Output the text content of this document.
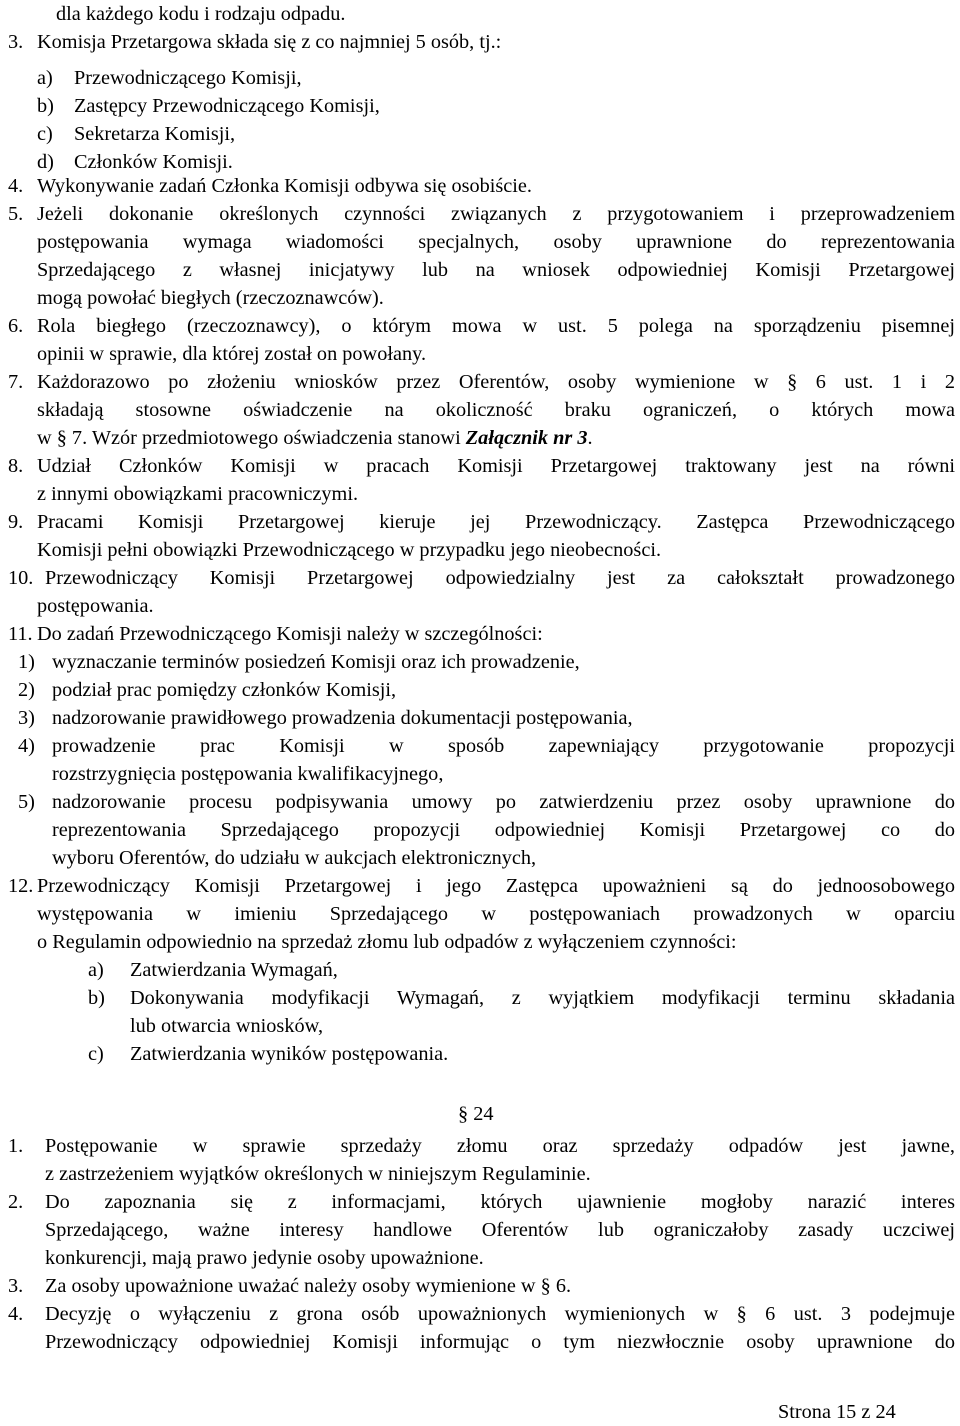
dla każdego kodu i rodzaju odpadu.
3. Komisja Przetargowa składa się z co najmniej 5 osób, tj.:
a) Przewodniczącego Komisji,
b) Zastępcy Przewodniczącego Komisji,
c) Sekretarza Komisji,
d) Członków Komisji.
4. Wykonywanie zadań Członka Komisji odbywa się osobiście.
5. Jeżeli dokonanie określonych czynności związanych z przygotowaniem i przeprowadzeniem
postępowania wymaga wiadomości specjalnych, osoby uprawnione do reprezentowania
Sprzedającego z własnej inicjatywy lub na wniosek odpowiedniej Komisji Przetargowej
mogą powołać biegłych (rzeczoznawców).
6. Rola biegłego (rzeczoznawcy), o którym mowa w ust. 5 polega na sporządzeniu pisemnej
opinii w sprawie, dla której został on powołany.
7. Każdorazowo po złożeniu wniosków przez Oferentów, osoby wymienione w § 6 ust. 1 i 2
składają stosowne oświadczenie na okoliczność braku ograniczeń, o których mowa
w § 7. Wzór przedmiotowego oświadczenia stanowi Załącznik nr 3.
8. Udział Członków Komisji w pracach Komisji Przetargowej traktowany jest na równi
z innymi obowiązkami pracowniczymi.
9. Pracami Komisji Przetargowej kieruje jej Przewodniczący. Zastępca Przewodniczącego
Komisji pełni obowiązki Przewodniczącego w przypadku jego nieobecności.
10. Przewodniczący Komisji Przetargowej odpowiedzialny jest za całokształt prowadzonego
postępowania.
11. Do zadań Przewodniczącego Komisji należy w szczególności:
1) wyznaczanie terminów posiedzeń Komisji oraz ich prowadzenie,
2) podział prac pomiędzy członków Komisji,
3) nadzorowanie prawidłowego prowadzenia dokumentacji postępowania,
4) prowadzenie prac Komisji w sposób zapewniający przygotowanie propozycji
rozstrzygnięcia postępowania kwalifikacyjnego,
5) nadzorowanie procesu podpisywania umowy po zatwierdzeniu przez osoby uprawnione do
reprezentowania Sprzedającego propozycji odpowiedniej Komisji Przetargowej co do
wyboru Oferentów, do udziału w aukcjach elektronicznych,
12. Przewodniczący Komisji Przetargowej i jego Zastępca upoważnieni są do jednoosobowego
występowania w imieniu Sprzedającego w postępowaniach prowadzonych w oparciu
o Regulamin odpowiednio na sprzedaż złomu lub odpadów z wyłączeniem czynności:
a) Zatwierdzania Wymagań,
b) Dokonywania modyfikacji Wymagań, z wyjątkiem modyfikacji terminu składania
lub otwarcia wniosków,
c) Zatwierdzania wyników postępowania.
§ 24
1. Postępowanie w sprawie sprzedaży złomu oraz sprzedaży odpadów jest jawne,
z zastrzeżeniem wyjątków określonych w niniejszym Regulaminie.
2. Do zapoznania się z informacjami, których ujawnienie mogłoby narazić interes
Sprzedającego, ważne interesy handlowe Oferentów lub ograniczałoby zasady uczciwej
konkurencji, mają prawo jedynie osoby upoważnione.
3. Za osoby upoważnione uważać należy osoby wymienione w § 6.
4. Decyzję o wyłączeniu z grona osób upoważnionych wymienionych w § 6 ust. 3 podejmuje
Przewodniczący odpowiedniej Komisji informując o tym niezwłocznie osoby uprawnione do
Strona 15 z 24
